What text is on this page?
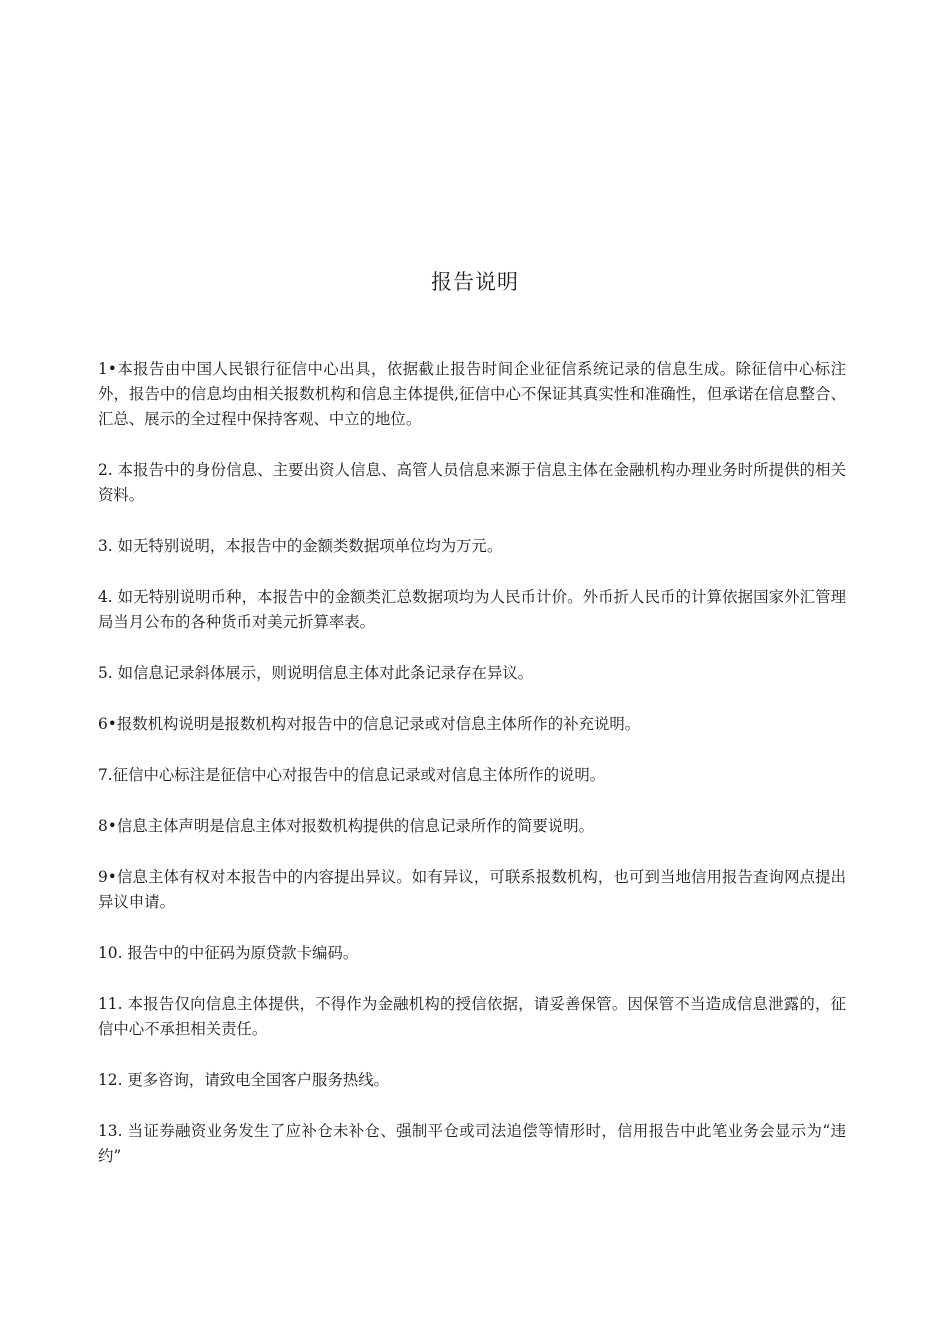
报告说明
1•本报告由中国人民银行征信中心出具，依据截止报告时间企业征信系统记录的信息生成。除征信中心标注外，报告中的信息均由相关报数机构和信息主体提供,征信中心不保证其真实性和准确性，但承诺在信息整合、汇总、展示的全过程中保持客观、中立的地位。
2. 本报告中的身份信息、主要出资人信息、高管人员信息来源于信息主体在金融机构办理业务时所提供的相关资料。
3. 如无特别说明，本报告中的金额类数据项单位均为万元。
4. 如无特别说明币种，本报告中的金额类汇总数据项均为人民币计价。外币折人民币的计算依据国家外汇管理局当月公布的各种货币对美元折算率表。
5. 如信息记录斜体展示，则说明信息主体对此条记录存在异议。
6•报数机构说明是报数机构对报告中的信息记录或对信息主体所作的补充说明。
7.征信中心标注是征信中心对报告中的信息记录或对信息主体所作的说明。
8•信息主体声明是信息主体对报数机构提供的信息记录所作的简要说明。
9•信息主体有权对本报告中的内容提出异议。如有异议，可联系报数机构，也可到当地信用报告查询网点提出异议申请。
10. 报告中的中征码为原贷款卡编码。
11. 本报告仅向信息主体提供，不得作为金融机构的授信依据，请妥善保管。因保管不当造成信息泄露的，征信中心不承担相关责任。
12. 更多咨询，请致电全国客户服务热线。
13. 当证券融资业务发生了应补仓未补仓、强制平仓或司法追偿等情形时，信用报告中此笔业务会显示为“违约”
